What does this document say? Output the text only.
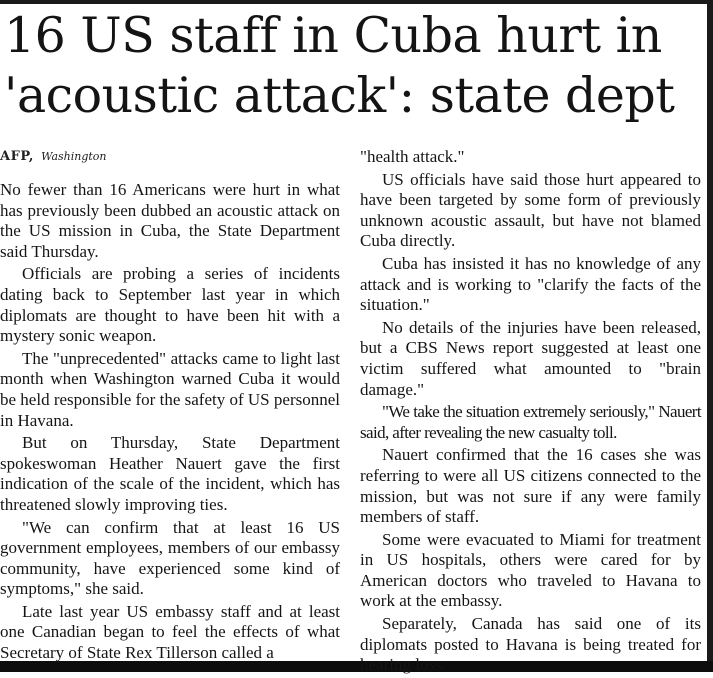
16 US staff in Cuba hurt in 'acoustic attack': state dept
AFP, Washington

No fewer than 16 Americans were hurt in what has previously been dubbed an acoustic attack on the US mission in Cuba, the State Department said Thursday.

Officials are probing a series of incidents dating back to September last year in which diplomats are thought to have been hit with a mystery sonic weapon.

The "unprecedented" attacks came to light last month when Washington warned Cuba it would be held responsible for the safety of US personnel in Havana.

But on Thursday, State Department spokeswoman Heather Nauert gave the first indication of the scale of the incident, which has threatened slowly improving ties.

"We can confirm that at least 16 US government employees, members of our embassy community, have experienced some kind of symptoms," she said.

Late last year US embassy staff and at least one Canadian began to feel the effects of what Secretary of State Rex Tillerson called a

"health attack."

US officials have said those hurt appeared to have been targeted by some form of previously unknown acoustic assault, but have not blamed Cuba directly.

Cuba has insisted it has no knowledge of any attack and is working to "clarify the facts of the situation."

No details of the injuries have been released, but a CBS News report suggested at least one victim suffered what amounted to "brain damage."

"We take the situation extremely seriously," Nauert said, after revealing the new casualty toll.

Nauert confirmed that the 16 cases she was referring to were all US citizens connected to the mission, but was not sure if any were family members of staff.

Some were evacuated to Miami for treatment in US hospitals, others were cared for by American doctors who traveled to Havana to work at the embassy.

Separately, Canada has said one of its diplomats posted to Havana is being treated for hearing loss.
